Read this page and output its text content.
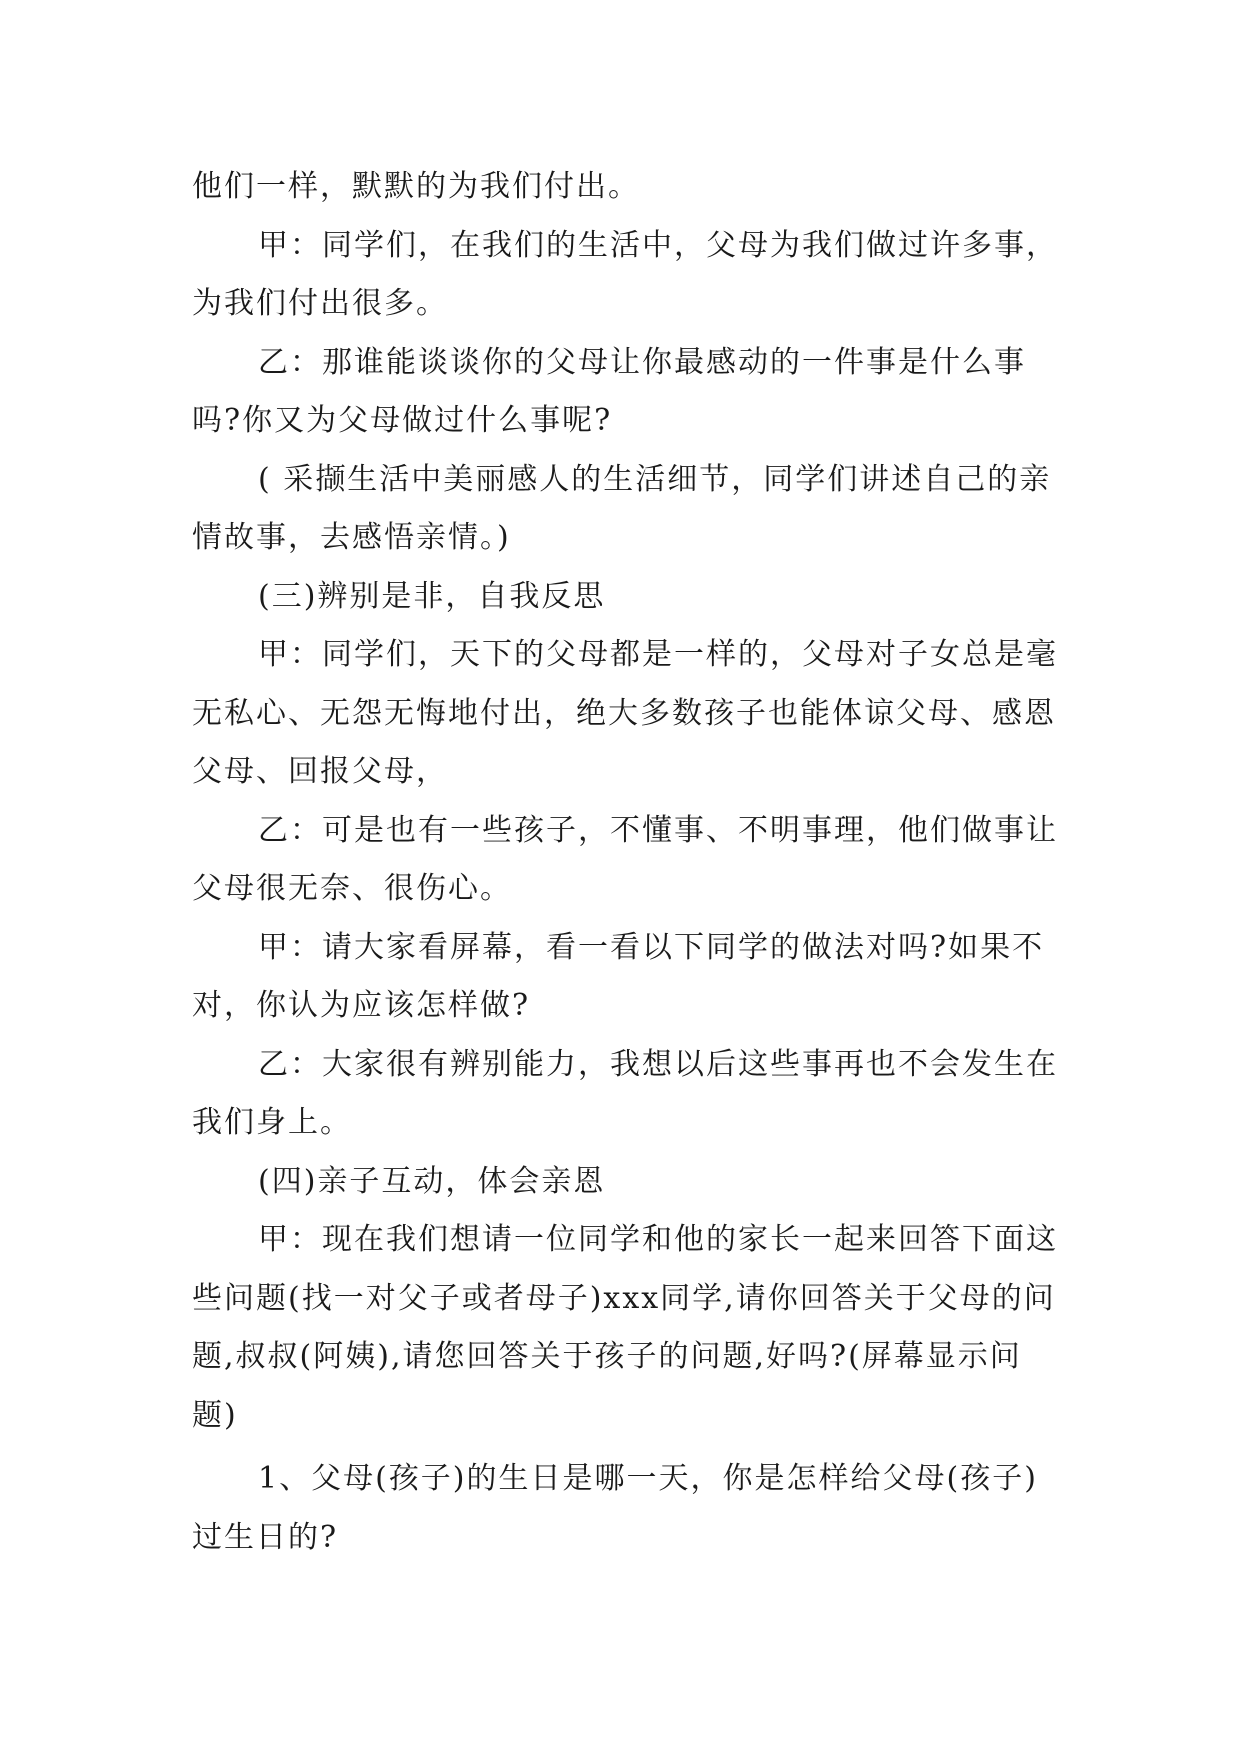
他们一样，默默的为我们付出。

甲：同学们，在我们的生活中，父母为我们做过许多事，为我们付出很多。

乙：那谁能谈谈你的父母让你最感动的一件事是什么事吗?你又为父母做过什么事呢?

( 采撷生活中美丽感人的生活细节，同学们讲述自己的亲情故事，去感悟亲情。)

(三)辨别是非，自我反思

甲：同学们，天下的父母都是一样的，父母对子女总是毫无私心、无怨无悔地付出，绝大多数孩子也能体谅父母、感恩父母、回报父母，

乙：可是也有一些孩子，不懂事、不明事理，他们做事让父母很无奈、很伤心。

甲：请大家看屏幕，看一看以下同学的做法对吗?如果不对，你认为应该怎样做?

乙：大家很有辨别能力，我想以后这些事再也不会发生在我们身上。

(四)亲子互动，体会亲恩

甲：现在我们想请一位同学和他的家长一起来回答下面这些问题(找一对父子或者母子)xxx同学,请你回答关于父母的问题,叔叔(阿姨),请您回答关于孩子的问题,好吗?(屏幕显示问题)

1、父母(孩子)的生日是哪一天，你是怎样给父母(孩子)过生日的?
